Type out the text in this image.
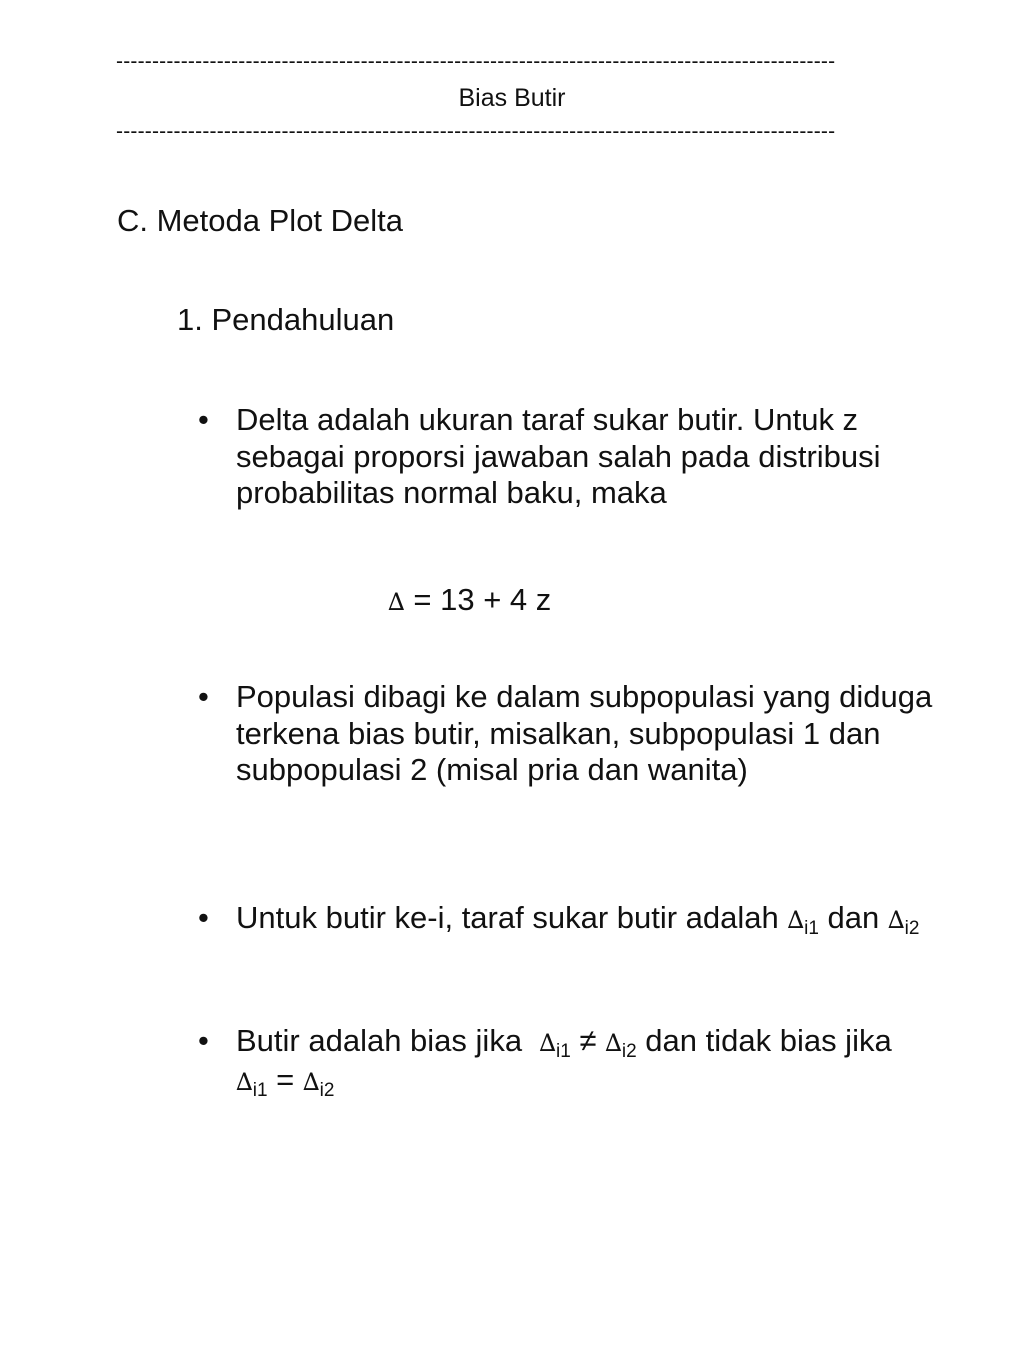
----------------------------------------------------------------------------------------------------
Bias Butir
----------------------------------------------------------------------------------------------------
C. Metoda Plot Delta
1. Pendahuluan
• Delta adalah ukuran taraf sukar butir. Untuk z sebagai proporsi jawaban salah pada distribusi probabilitas normal baku, maka
∆ = 13 + 4 z
• Populasi dibagi ke dalam subpopulasi yang diduga terkena bias butir, misalkan, subpopulasi 1 dan subpopulasi 2 (misal pria dan wanita)
• Untuk butir ke-i, taraf sukar butir adalah $\Delta_{i1}$ dan $\Delta_{i2}$
• Butir adalah bias jika  $\Delta_{i1} \ne \Delta_{i2}$ dan tidak bias jika $\Delta_{i1} = \Delta_{i2}$
